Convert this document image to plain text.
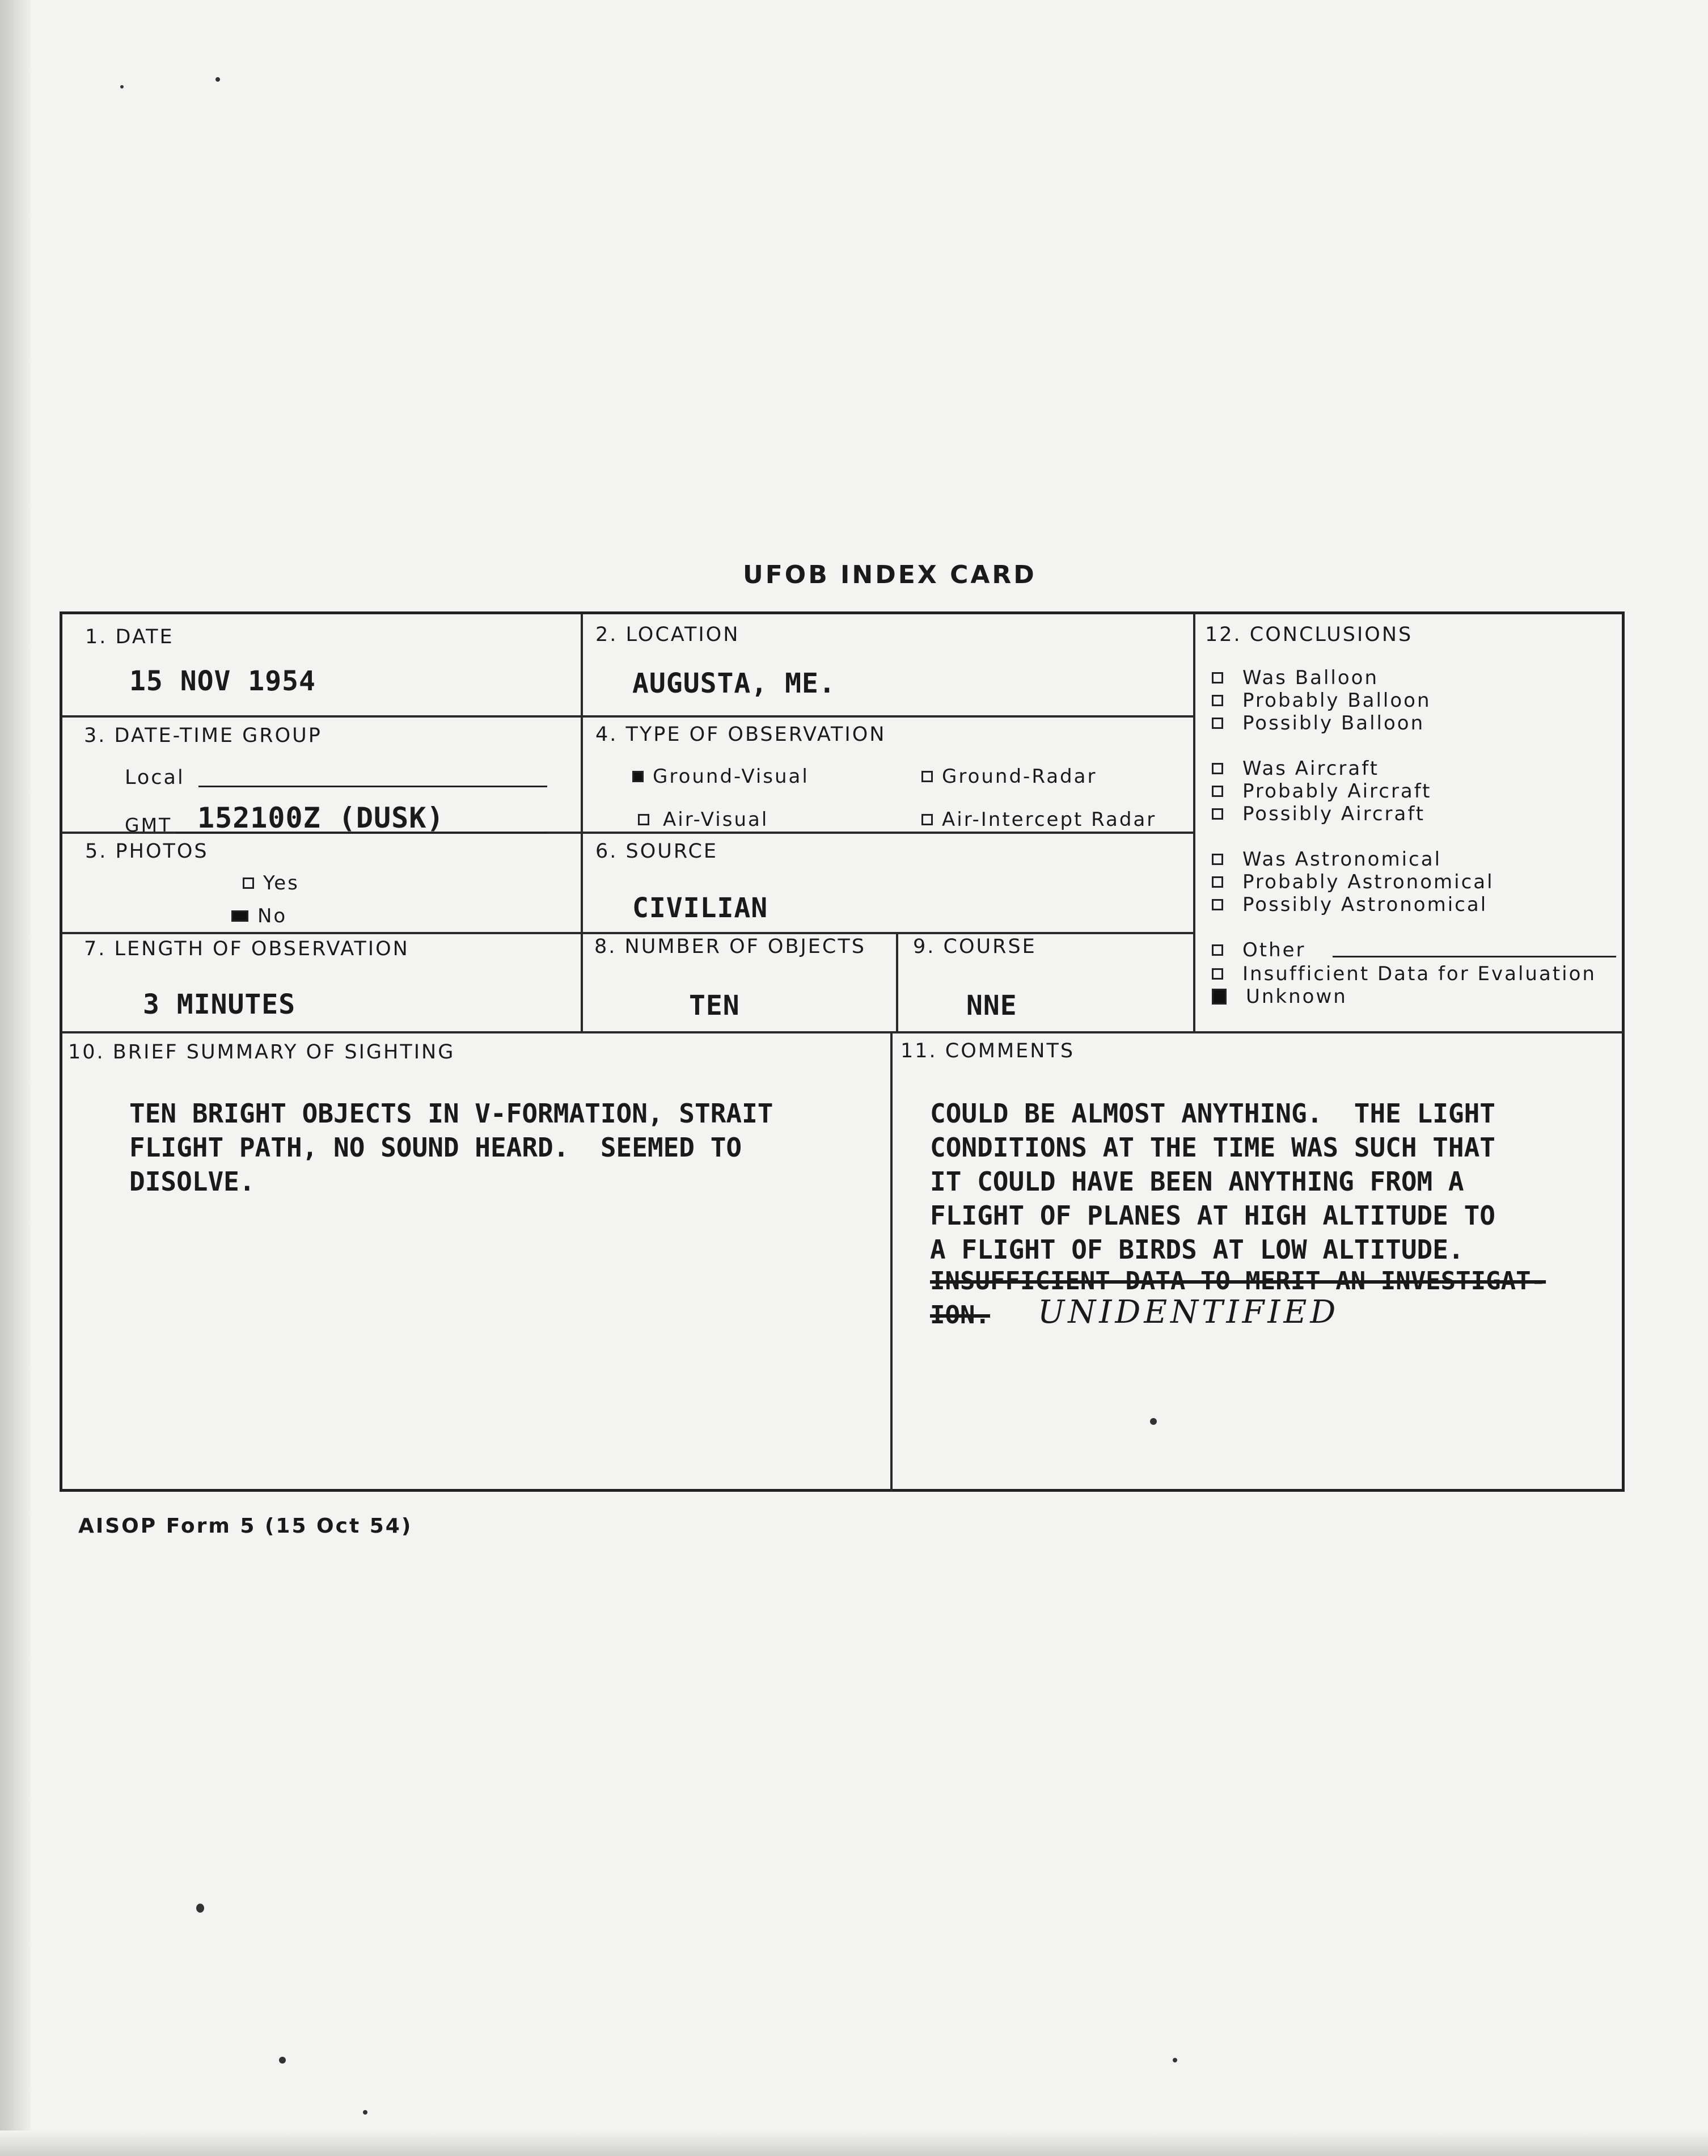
UFOB INDEX CARD
1. DATE
15 NOV 1954
2. LOCATION
AUGUSTA, ME.
3. DATE-TIME GROUP
Local
GMT 152100Z (DUSK)
4. TYPE OF OBSERVATION
Ground-Visual	Ground-Radar
Air-Visual	Air-Intercept Radar
5. PHOTOS
Yes
No
6. SOURCE
CIVILIAN
7. LENGTH OF OBSERVATION
3 MINUTES
8. NUMBER OF OBJECTS
TEN
9. COURSE
NNE
12. CONCLUSIONS
Was Balloon
Probably Balloon
Possibly Balloon
Was Aircraft
Probably Aircraft
Possibly Aircraft
Was Astronomical
Probably Astronomical
Possibly Astronomical
Other
Insufficient Data for Evaluation
Unknown
10. BRIEF SUMMARY OF SIGHTING
TEN BRIGHT OBJECTS IN V-FORMATION, STRAIT
FLIGHT PATH, NO SOUND HEARD.  SEEMED TO
DISOLVE.
11. COMMENTS
COULD BE ALMOST ANYTHING.  THE LIGHT
CONDITIONS AT THE TIME WAS SUCH THAT
IT COULD HAVE BEEN ANYTHING FROM A
FLIGHT OF PLANES AT HIGH ALTITUDE TO
A FLIGHT OF BIRDS AT LOW ALTITUDE.
INSUFFICIENT DATA TO MERIT AN INVESTIGAT-
ION. UNIDENTIFIED
AISOP Form 5 (15 Oct 54)
